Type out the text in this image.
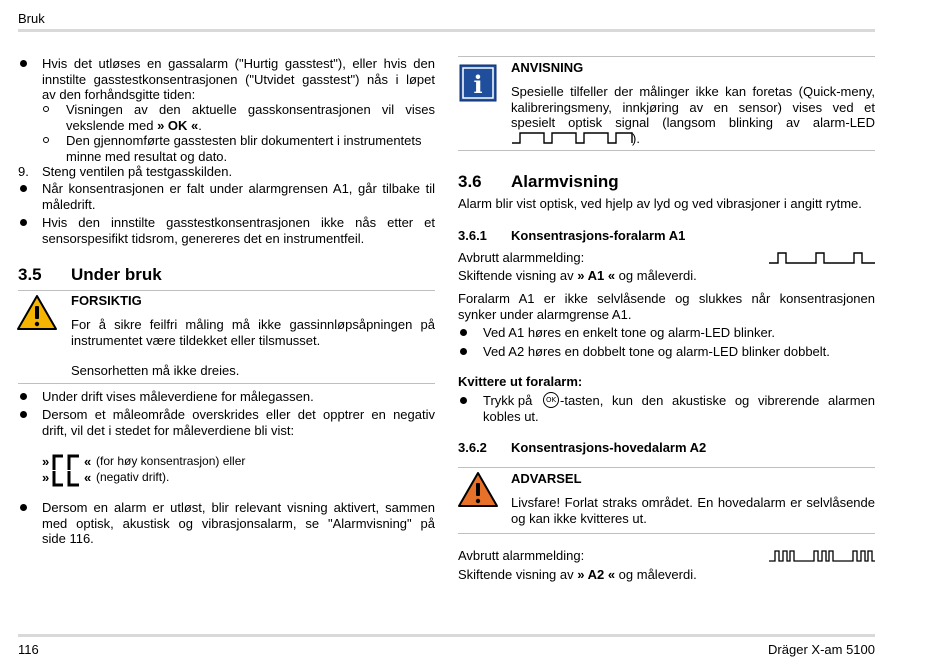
Bruk
Hvis det utløses en gassalarm ("Hurtig gasstest"), eller hvis den
innstilte gasstestkonsentrasjonen ("Utvidet gasstest") nås i løpet
av den forhåndsgitte tiden:
Visningen av den aktuelle gasskonsentrasjonen vil vises
vekslende med » OK «.
Den gjennomførte gasstesten blir dokumentert i instrumentets
minne med resultat og dato.
9. Steng ventilen på testgasskilden.
Når konsentrasjonen er falt under alarmgrensen A1, går tilbake til
måledrift.
Hvis den innstilte gasstestkonsentrasjonen ikke nås etter et
sensorspesifikt tidsrom, genereres det en instrumentfeil.
3.5 Under bruk
FORSIKTIG
For å sikre feilfri måling må ikke gassinnløpsåpningen på
instrumentet være tildekket eller tilsmusset.
Sensorhetten må ikke dreies.
Under drift vises måleverdiene for målegassen.
Dersom et måleområde overskrides eller det opptrer en negativ
drift, vil det i stedet for måleverdiene bli vist:
»	« (for høy konsentrasjon) eller
»	« (negativ drift).
Dersom en alarm er utløst, blir relevant visning aktivert, sammen
med optisk, akustisk og vibrasjonsalarm, se "Alarmvisning" på
side 116.
i
ANVISNING
Spesielle tilfeller der målinger ikke kan foretas (Quick-meny,
kalibreringsmeny, innkjøring av en sensor) vises ved et
spesielt optisk signal (langsom blinking av alarm-LED
).
3.6 Alarmvisning
Alarm blir vist optisk, ved hjelp av lyd og ved vibrasjoner i angitt rytme.
3.6.1 Konsentrasjons-foralarm A1
Avbrutt alarmmelding:
Skiftende visning av » A1 « og måleverdi.
Foralarm A1 er ikke selvlåsende og slukkes når konsentrasjonen
synker under alarmgrense A1.
Ved A1 høres en enkelt tone og alarm-LED blinker.
Ved A2 høres en dobbelt tone og alarm-LED blinker dobbelt.
Kvittere ut foralarm:
Trykk på	OK -tasten, kun den akustiske og vibrerende alarmen
kobles ut.
3.6.2 Konsentrasjons-hovedalarm A2
ADVARSEL
Livsfare! Forlat straks området. En hovedalarm er selvlåsende
og kan ikke kvitteres ut.
Avbrutt alarmmelding:
Skiftende visning av » A2 « og måleverdi.
116	Dräger X-am 5100
